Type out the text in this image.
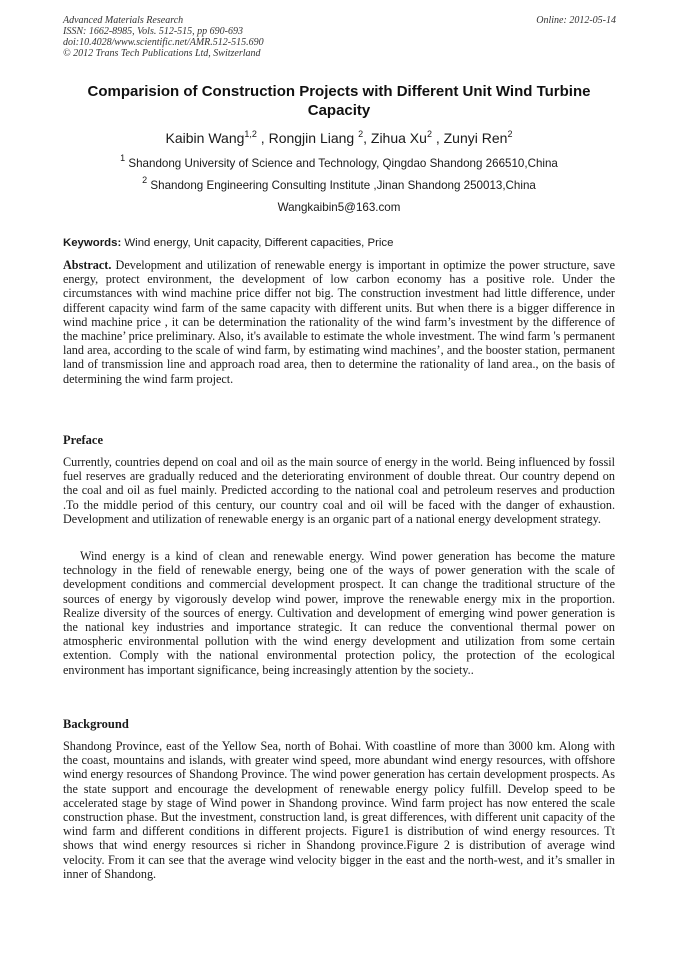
Advanced Materials Research
ISSN: 1662-8985, Vols. 512-515, pp 690-693
doi:10.4028/www.scientific.net/AMR.512-515.690
© 2012 Trans Tech Publications Ltd, Switzerland
Online: 2012-05-14
Comparision of Construction Projects with Different Unit Wind Turbine Capacity
Kaibin Wang$^{1,2}$ , Rongjin Liang $^2$, Zihua Xu$^2$ , Zunyi Ren$^2$
$^1$ Shandong University of Science and Technology, Qingdao Shandong 266510,China
$^2$ Shandong Engineering Consulting Institute ,Jinan Shandong 250013,China
Wangkaibin5@163.com
Keywords: Wind energy, Unit capacity, Different capacities, Price

Abstract. Development and utilization of renewable energy is important in optimize the power structure, save energy, protect environment, the development of low carbon economy has a positive role. Under the circumstances with wind machine price differ not big. The construction investment had little difference, under different capacity wind farm of the same capacity with different units. But when there is a bigger difference in wind machine price , it can be determination the rationality of the wind farm’s investment by the difference of the machine’ price preliminary. Also, it's available to estimate the whole investment. The wind farm 's permanent land area, according to the scale of wind farm, by estimating wind machines’, and the booster station, permanent land of transmission line and approach road area, then to determine the rationality of land area., on the basis of determining the wind farm project.

Preface

Currently, countries depend on coal and oil as the main source of energy in the world. Being influenced by fossil fuel reserves are gradually reduced and the deteriorating environment of double threat. Our country depend on the coal and oil as fuel mainly. Predicted according to the national coal and petroleum reserves and production .To the middle period of this century, our country coal and oil will be faced with the danger of exhaustion. Development and utilization of renewable energy is an organic part of a national energy development strategy.

Wind energy is a kind of clean and renewable energy. Wind power generation has become the mature technology in the field of renewable energy, being one of the ways of power generation with the scale of development conditions and commercial development prospect. It can change the traditional structure of the sources of energy by vigorously develop wind power, improve the renewable energy mix in the proportion. Realize diversity of the sources of energy. Cultivation and development of emerging wind power generation is the national key industries and importance strategic. It can reduce the conventional thermal power on atmospheric environmental pollution with the wind energy development and utilization from some certain extention. Comply with the national environmental protection policy, the protection of the ecological environment has important significance, being increasingly attention by the society..

Background

Shandong Province, east of the Yellow Sea, north of Bohai. With coastline of more than 3000 km. Along with the coast, mountains and islands, with greater wind speed, more abundant wind energy resources, with offshore wind energy resources of Shandong Province. The wind power generation has certain development prospects. As the state support and encourage the development of renewable energy policy fulfill. Develop speed to be accelerated stage by stage of Wind power in Shandong province. Wind farm project has now entered the scale construction phase. But the investment, construction land, is great differences, with different unit capacity of the wind farm and different conditions in different projects. Figure1 is distribution of wind energy resources. Tt shows that wind energy resources si richer in Shandong province.Figure 2 is distribution of average wind velocity. From it can see that the average wind velocity bigger in the east and the north-west, and it’s smaller in inner of Shandong.
